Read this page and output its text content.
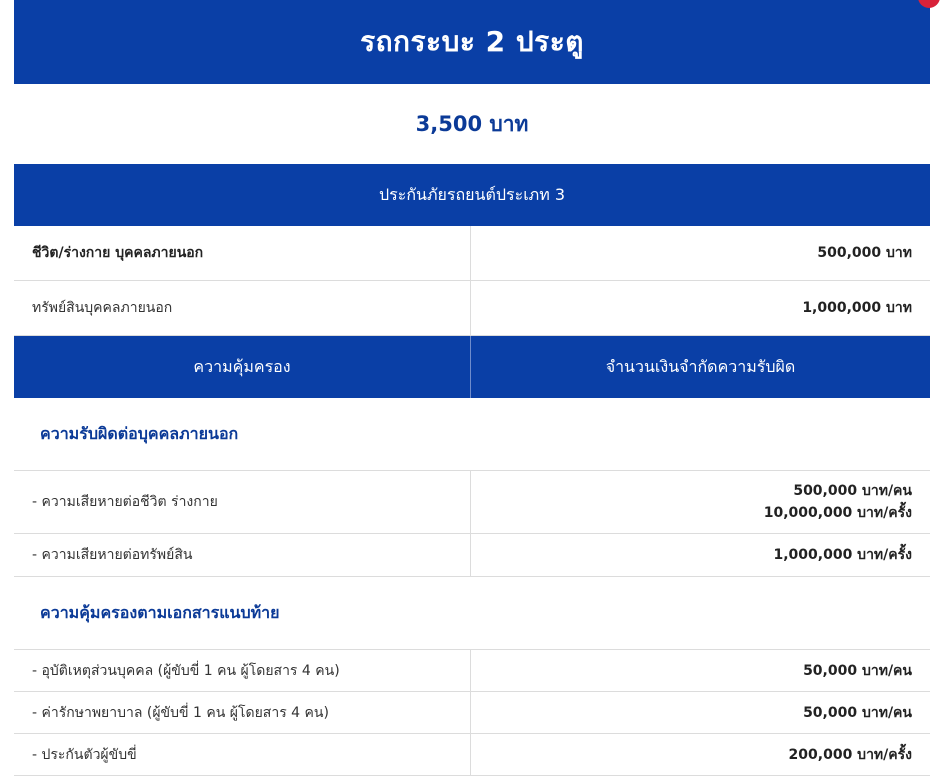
รถกระบะ 2 ประตู
3,500 บาท
ประกันภัยรถยนต์ประเภท 3
ชีวิต/ร่างกาย บุคคลภายนอก	500,000 บาท
ทรัพย์สินบุคคลภายนอก	1,000,000 บาท
ความคุ้มครอง	จำนวนเงินจำกัดความรับผิด
ความรับผิดต่อบุคคลภายนอก	
- ความเสียหายต่อชีวิต ร่างกาย	500,000 บาท/คน
10,000,000 บาท/ครั้ง

- ความเสียหายต่อทรัพย์สิน	1,000,000 บาท/ครั้ง
ความคุ้มครองตามเอกสารแนบท้าย	
- อุบัติเหตุส่วนบุคคล (ผู้ขับขี่ 1 คน ผู้โดยสาร 4 คน)	50,000 บาท/คน
- ค่ารักษาพยาบาล (ผู้ขับขี่ 1 คน ผู้โดยสาร 4 คน)	50,000 บาท/คน
- ประกันตัวผู้ขับขี่	200,000 บาท/ครั้ง
